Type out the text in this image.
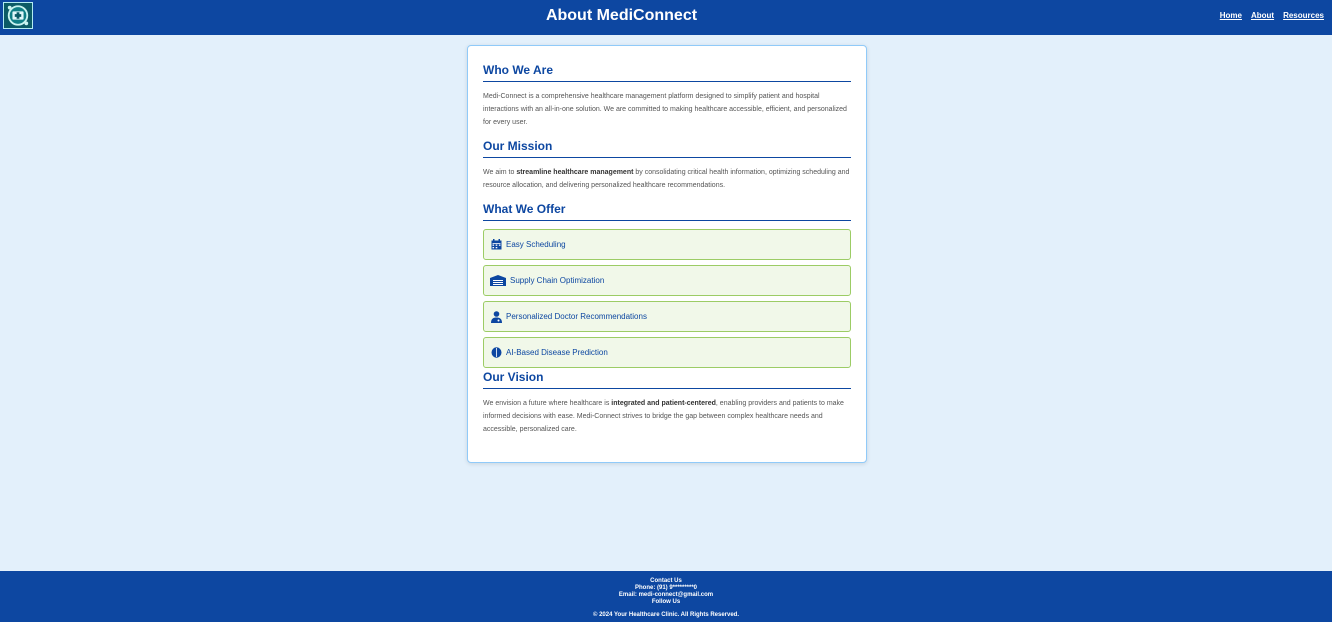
About MediConnect	Home About Resources
Who We Are

Medi-Connect is a comprehensive healthcare management platform designed to simplify patient and hospital interactions with an all-in-one solution. We are committed to making healthcare accessible, efficient, and personalized for every user.

Our Mission

We aim to streamline healthcare management by consolidating critical health information, optimizing scheduling and resource allocation, and delivering personalized healthcare recommendations.

What We Offer
Easy Scheduling
Supply Chain Optimization
Personalized Doctor Recommendations
AI-Based Disease Prediction
Our Vision

We envision a future where healthcare is integrated and patient-centered, enabling providers and patients to make informed decisions with ease. Medi-Connect strives to bridge the gap between complex healthcare needs and accessible, personalized care.

Contact Us
Phone: (91) 9*********0
Email: medi-connect@gmail.com
Follow Us
© 2024 Your Healthcare Clinic. All Rights Reserved.
